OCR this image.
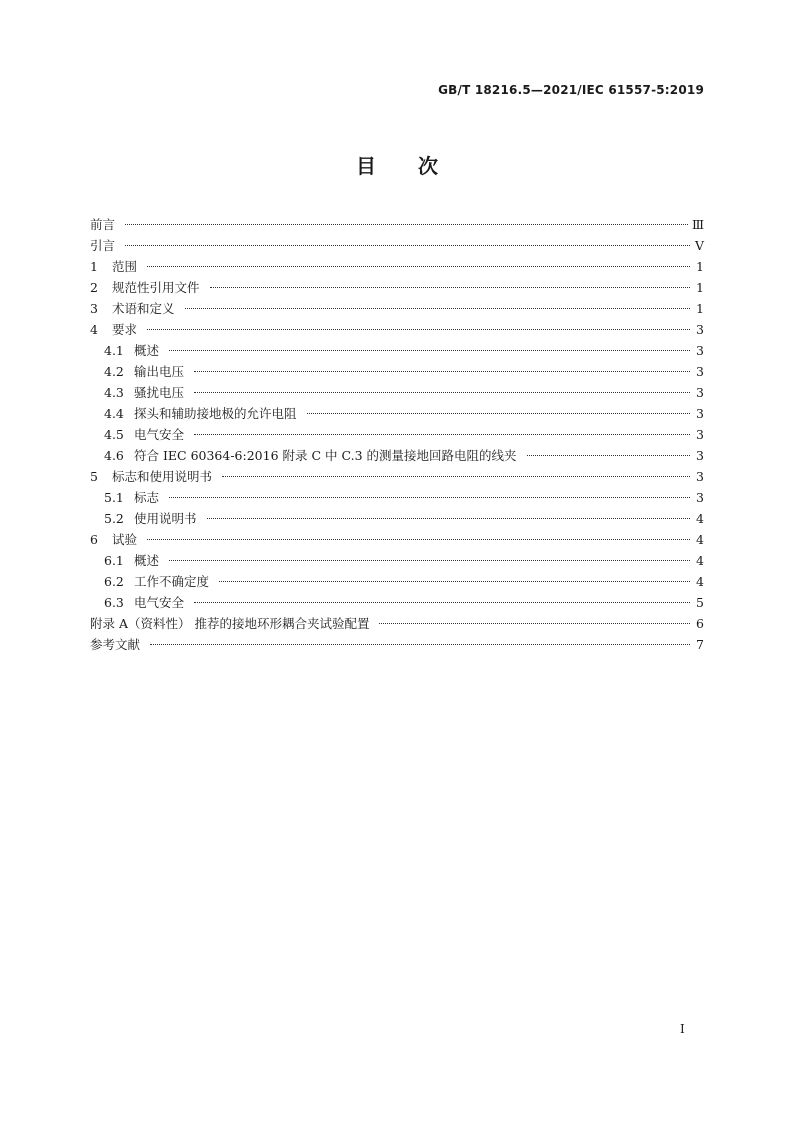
GB/T 18216.5—2021/IEC 61557-5:2019
目次
前言	Ⅲ
引言	Ⅴ
1 范围	1
2 规范性引用文件	1
3 术语和定义	1
4 要求	3
4.1 概述	3
4.2 输出电压	3
4.3 骚扰电压	3
4.4 探头和辅助接地极的允许电阻	3
4.5 电气安全	3
4.6 符合 IEC 60364-6:2016 附录 C 中 C.3 的测量接地回路电阻的线夹	3
5 标志和使用说明书	3
5.1 标志	3
5.2 使用说明书	4
6 试验	4
6.1 概述	4
6.2 工作不确定度	4
6.3 电气安全	5
附录 A（资料性） 推荐的接地环形耦合夹试验配置	6
参考文献	7
I
